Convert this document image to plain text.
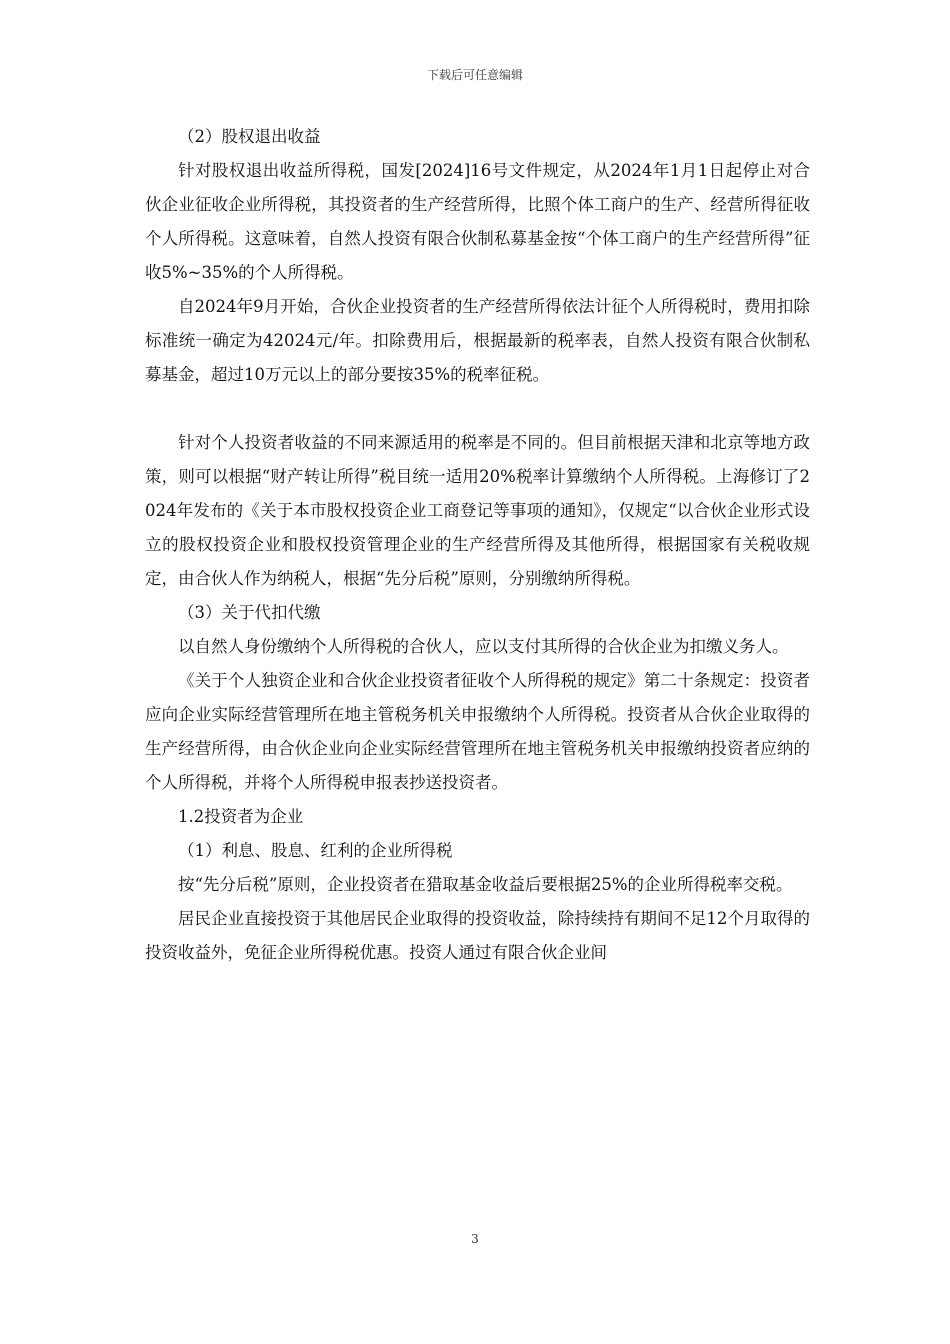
下载后可任意编辑

（2）股权退出收益

针对股权退出收益所得税，国发[2024]16号文件规定，从2024年1月1日起停止对合伙企业征收企业所得税，其投资者的生产经营所得，比照个体工商户的生产、经营所得征收个人所得税。这意味着，自然人投资有限合伙制私募基金按“个体工商户的生产经营所得”征收5%~35%的个人所得税。

自2024年9月开始，合伙企业投资者的生产经营所得依法计征个人所得税时，费用扣除标准统一确定为42024元/年。扣除费用后，根据最新的税率表，自然人投资有限合伙制私募基金，超过10万元以上的部分要按35%的税率征税。

针对个人投资者收益的不同来源适用的税率是不同的。但目前根据天津和北京等地方政策，则可以根据“财产转让所得”税目统一适用20%税率计算缴纳个人所得税。上海修订了2024年发布的《关于本市股权投资企业工商登记等事项的通知》，仅规定“以合伙企业形式设立的股权投资企业和股权投资管理企业的生产经营所得及其他所得，根据国家有关税收规定，由合伙人作为纳税人，根据“先分后税”原则，分别缴纳所得税。

（3）关于代扣代缴

以自然人身份缴纳个人所得税的合伙人，应以支付其所得的合伙企业为扣缴义务人。

《关于个人独资企业和合伙企业投资者征收个人所得税的规定》第二十条规定：投资者应向企业实际经营管理所在地主管税务机关申报缴纳个人所得税。投资者从合伙企业取得的生产经营所得，由合伙企业向企业实际经营管理所在地主管税务机关申报缴纳投资者应纳的个人所得税，并将个人所得税申报表抄送投资者。

1.2投资者为企业

（1）利息、股息、红利的企业所得税

按“先分后税”原则，企业投资者在猎取基金收益后要根据25%的企业所得税率交税。

居民企业直接投资于其他居民企业取得的投资收益，除持续持有期间不足12个月取得的投资收益外，免征企业所得税优惠。投资人通过有限合伙企业间

3
